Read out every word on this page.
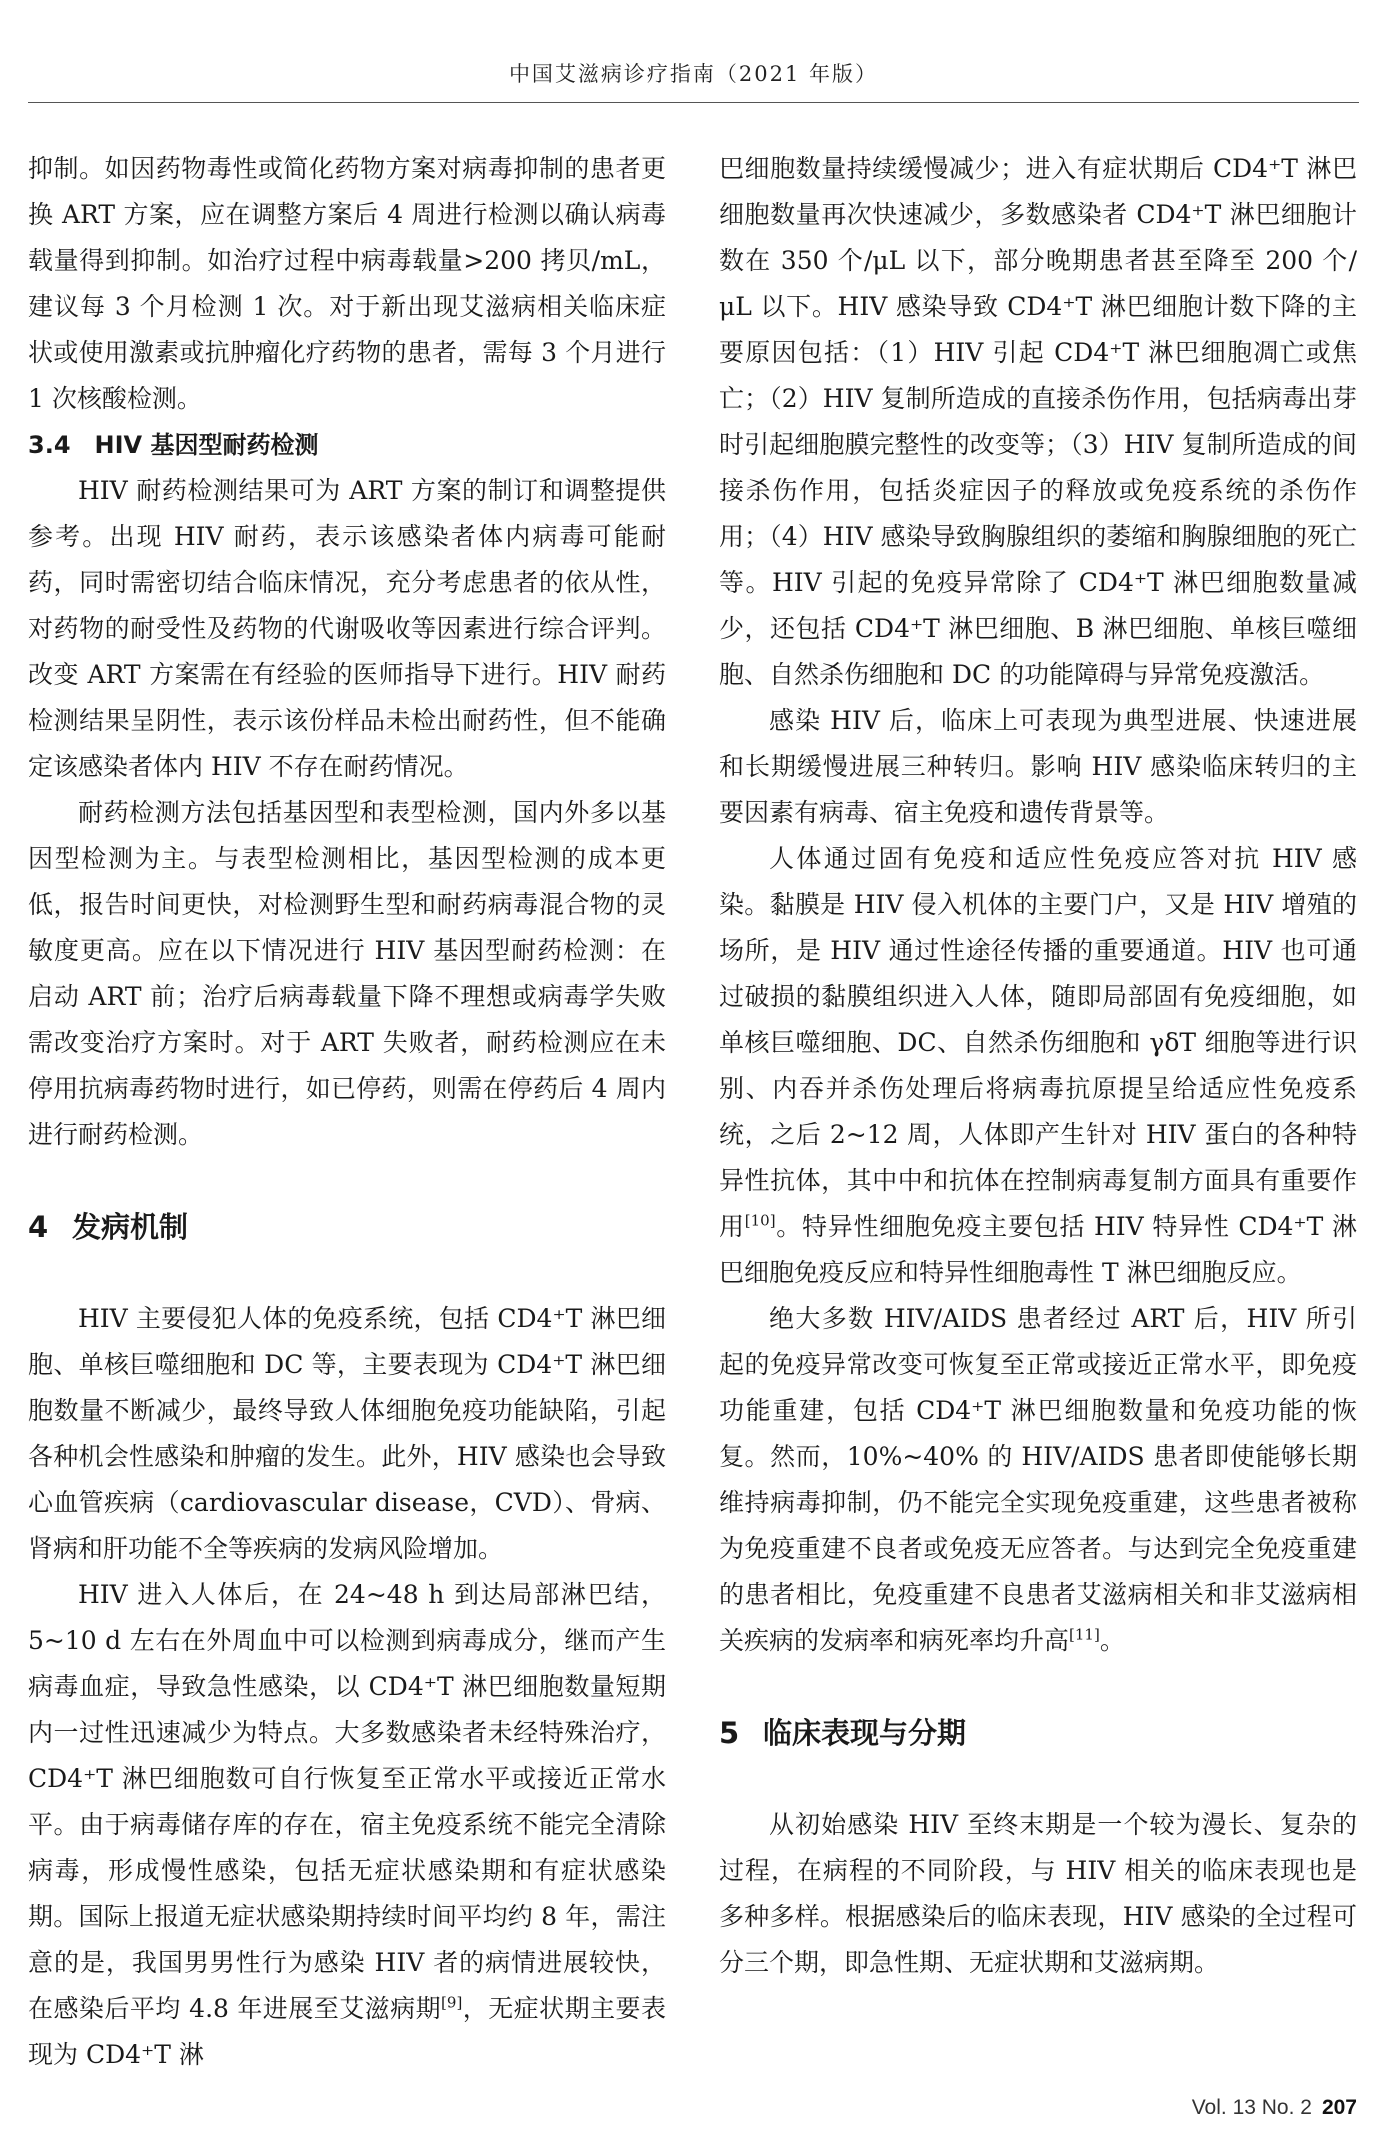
中国艾滋病诊疗指南（2021 年版）

抑制。如因药物毒性或简化药物方案对病毒抑制的患者更换 ART 方案，应在调整方案后 4 周进行检测以确认病毒载量得到抑制。如治疗过程中病毒载量>200 拷贝/mL，建议每 3 个月检测 1 次。对于新出现艾滋病相关临床症状或使用激素或抗肿瘤化疗药物的患者，需每 3 个月进行 1 次核酸检测。

3.4　HIV 基因型耐药检测

HIV 耐药检测结果可为 ART 方案的制订和调整提供参考。出现 HIV 耐药，表示该感染者体内病毒可能耐药，同时需密切结合临床情况，充分考虑患者的依从性，对药物的耐受性及药物的代谢吸收等因素进行综合评判。改变 ART 方案需在有经验的医师指导下进行。HIV 耐药检测结果呈阴性，表示该份样品未检出耐药性，但不能确定该感染者体内 HIV 不存在耐药情况。

耐药检测方法包括基因型和表型检测，国内外多以基因型检测为主。与表型检测相比，基因型检测的成本更低，报告时间更快，对检测野生型和耐药病毒混合物的灵敏度更高。应在以下情况进行 HIV 基因型耐药检测：在启动 ART 前；治疗后病毒载量下降不理想或病毒学失败需改变治疗方案时。对于 ART 失败者，耐药检测应在未停用抗病毒药物时进行，如已停药，则需在停药后 4 周内进行耐药检测。

4 发病机制

HIV 主要侵犯人体的免疫系统，包括 CD4⁺T 淋巴细胞、单核巨噬细胞和 DC 等，主要表现为 CD4⁺T 淋巴细胞数量不断减少，最终导致人体细胞免疫功能缺陷，引起各种机会性感染和肿瘤的发生。此外，HIV 感染也会导致心血管疾病（cardiovascular disease，CVD）、骨病、肾病和肝功能不全等疾病的发病风险增加。

HIV 进入人体后，在 24~48 h 到达局部淋巴结，5~10 d 左右在外周血中可以检测到病毒成分，继而产生病毒血症，导致急性感染，以 CD4⁺T 淋巴细胞数量短期内一过性迅速减少为特点。大多数感染者未经特殊治疗，CD4⁺T 淋巴细胞数可自行恢复至正常水平或接近正常水平。由于病毒储存库的存在，宿主免疫系统不能完全清除病毒，形成慢性感染，包括无症状感染期和有症状感染期。国际上报道无症状感染期持续时间平均约 8 年，需注意的是，我国男男性行为感染 HIV 者的病情进展较快，在感染后平均 4.8 年进展至艾滋病期[9]，无症状期主要表现为 CD4⁺T 淋

巴细胞数量持续缓慢减少；进入有症状期后 CD4⁺T 淋巴细胞数量再次快速减少，多数感染者 CD4⁺T 淋巴细胞计数在 350 个/μL 以下，部分晚期患者甚至降至 200 个/μL 以下。HIV 感染导致 CD4⁺T 淋巴细胞计数下降的主要原因包括：（1）HIV 引起 CD4⁺T 淋巴细胞凋亡或焦亡；（2）HIV 复制所造成的直接杀伤作用，包括病毒出芽时引起细胞膜完整性的改变等；（3）HIV 复制所造成的间接杀伤作用，包括炎症因子的释放或免疫系统的杀伤作用；（4）HIV 感染导致胸腺组织的萎缩和胸腺细胞的死亡等。HIV 引起的免疫异常除了 CD4⁺T 淋巴细胞数量减少，还包括 CD4⁺T 淋巴细胞、B 淋巴细胞、单核巨噬细胞、自然杀伤细胞和 DC 的功能障碍与异常免疫激活。

感染 HIV 后，临床上可表现为典型进展、快速进展和长期缓慢进展三种转归。影响 HIV 感染临床转归的主要因素有病毒、宿主免疫和遗传背景等。

人体通过固有免疫和适应性免疫应答对抗 HIV 感染。黏膜是 HIV 侵入机体的主要门户，又是 HIV 增殖的场所，是 HIV 通过性途径传播的重要通道。HIV 也可通过破损的黏膜组织进入人体，随即局部固有免疫细胞，如单核巨噬细胞、DC、自然杀伤细胞和 γδT 细胞等进行识别、内吞并杀伤处理后将病毒抗原提呈给适应性免疫系统，之后 2~12 周，人体即产生针对 HIV 蛋白的各种特异性抗体，其中中和抗体在控制病毒复制方面具有重要作用[10]。特异性细胞免疫主要包括 HIV 特异性 CD4⁺T 淋巴细胞免疫反应和特异性细胞毒性 T 淋巴细胞反应。

绝大多数 HIV/AIDS 患者经过 ART 后，HIV 所引起的免疫异常改变可恢复至正常或接近正常水平，即免疫功能重建，包括 CD4⁺T 淋巴细胞数量和免疫功能的恢复。然而，10%~40% 的 HIV/AIDS 患者即使能够长期维持病毒抑制，仍不能完全实现免疫重建，这些患者被称为免疫重建不良者或免疫无应答者。与达到完全免疫重建的患者相比，免疫重建不良患者艾滋病相关和非艾滋病相关疾病的发病率和病死率均升高[11]。

5 临床表现与分期

从初始感染 HIV 至终末期是一个较为漫长、复杂的过程，在病程的不同阶段，与 HIV 相关的临床表现也是多种多样。根据感染后的临床表现，HIV 感染的全过程可分三个期，即急性期、无症状期和艾滋病期。

Vol. 13 No. 2 207
